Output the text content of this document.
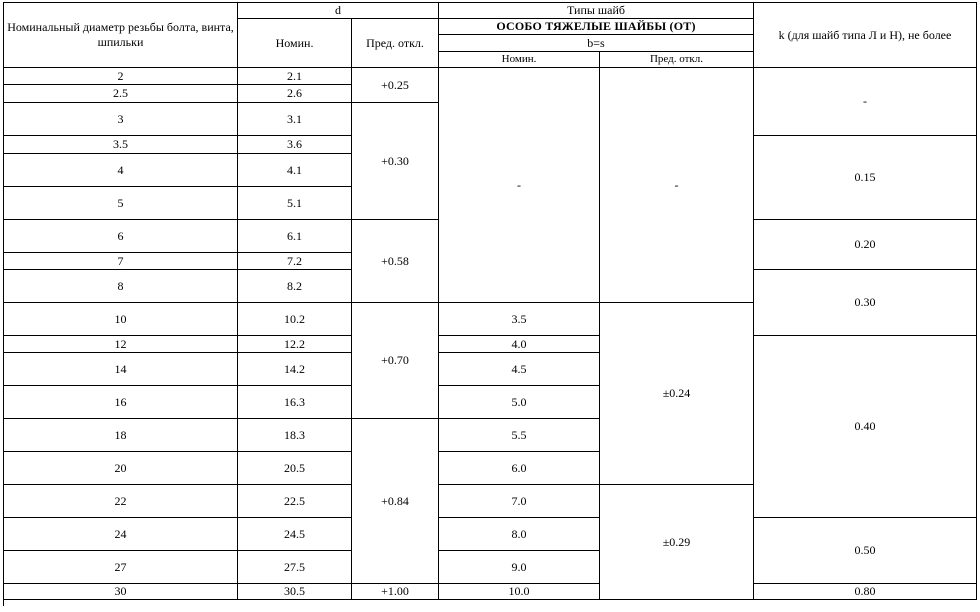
Номинальный диаметр резьбы болта, винта, шпильки
d
Номин.	Пред. откл.
Типы шайб
ОСОБО ТЯЖЕЛЫЕ ШАЙБЫ (ОТ)
b=s
Номин.	Пред. откл.
k (для шайб типа Л и Н), не более
2
2.5
3
3.5
4
5
6
7
8
10
12
14
16
18
20
22
24
27
30
2.1
2.6
3.1
3.6
4.1
5.1
6.1
7.2
8.2
10.2
12.2
14.2
16.3
18.3
20.5
22.5
24.5
27.5
30.5
+0.25
+0.30
+0.58
+0.70
+0.84
+1.00
-
3.5
4.0
4.5
5.0
5.5
6.0
7.0
8.0
9.0
10.0
-
±0.24
±0.29
-
0.15
0.20
0.30
0.40
0.50
0.80
